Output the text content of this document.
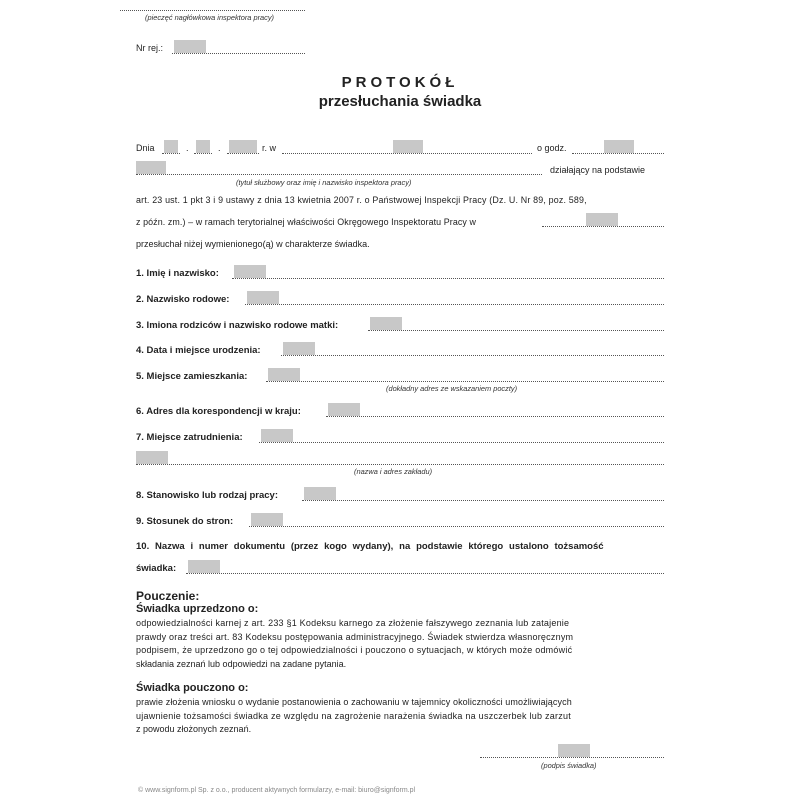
(pieczęć nagłówkowa inspektora pracy)
Nr rej.:
PROTOKÓŁ
przesłuchania świadka
Dnia	.	.	r. w	o godz.
działający na podstawie
(tytuł służbowy oraz imię i nazwisko inspektora pracy)
art. 23 ust. 1 pkt 3 i 9 ustawy z dnia 13 kwietnia 2007 r. o Państwowej Inspekcji Pracy (Dz. U. Nr 89, poz. 589,
z późn. zm.) – w ramach terytorialnej właściwości Okręgowego Inspektoratu Pracy w
przesłuchał niżej wymienionego(ą) w charakterze świadka.
1. Imię i nazwisko:
2. Nazwisko rodowe:
3. Imiona rodziców i nazwisko rodowe matki:
4. Data i miejsce urodzenia:
5. Miejsce zamieszkania:
(dokładny adres ze wskazaniem poczty)
6. Adres dla korespondencji w kraju:
7. Miejsce zatrudnienia:
(nazwa i adres zakładu)
8. Stanowisko lub rodzaj pracy:
9. Stosunek do stron:
10. Nazwa i numer dokumentu (przez kogo wydany), na podstawie którego ustalono tożsamość
świadka:
Pouczenie:
Świadka uprzedzono o:
odpowiedzialności karnej z art. 233 §1 Kodeksu karnego za złożenie fałszywego zeznania lub zatajenie
prawdy oraz treści art. 83 Kodeksu postępowania administracyjnego. Świadek stwierdza własnoręcznym
podpisem, że uprzedzono go o tej odpowiedzialności i pouczono o sytuacjach, w których może odmówić
składania zeznań lub odpowiedzi na zadane pytania.
Świadka pouczono o:
prawie złożenia wniosku o wydanie postanowienia o zachowaniu w tajemnicy okoliczności umożliwiających
ujawnienie tożsamości świadka ze względu na zagrożenie narażenia świadka na uszczerbek lub zarzut
z powodu złożonych zeznań.
(podpis świadka)
© www.signform.pl Sp. z o.o., producent aktywnych formularzy, e-mail: biuro@signform.pl
